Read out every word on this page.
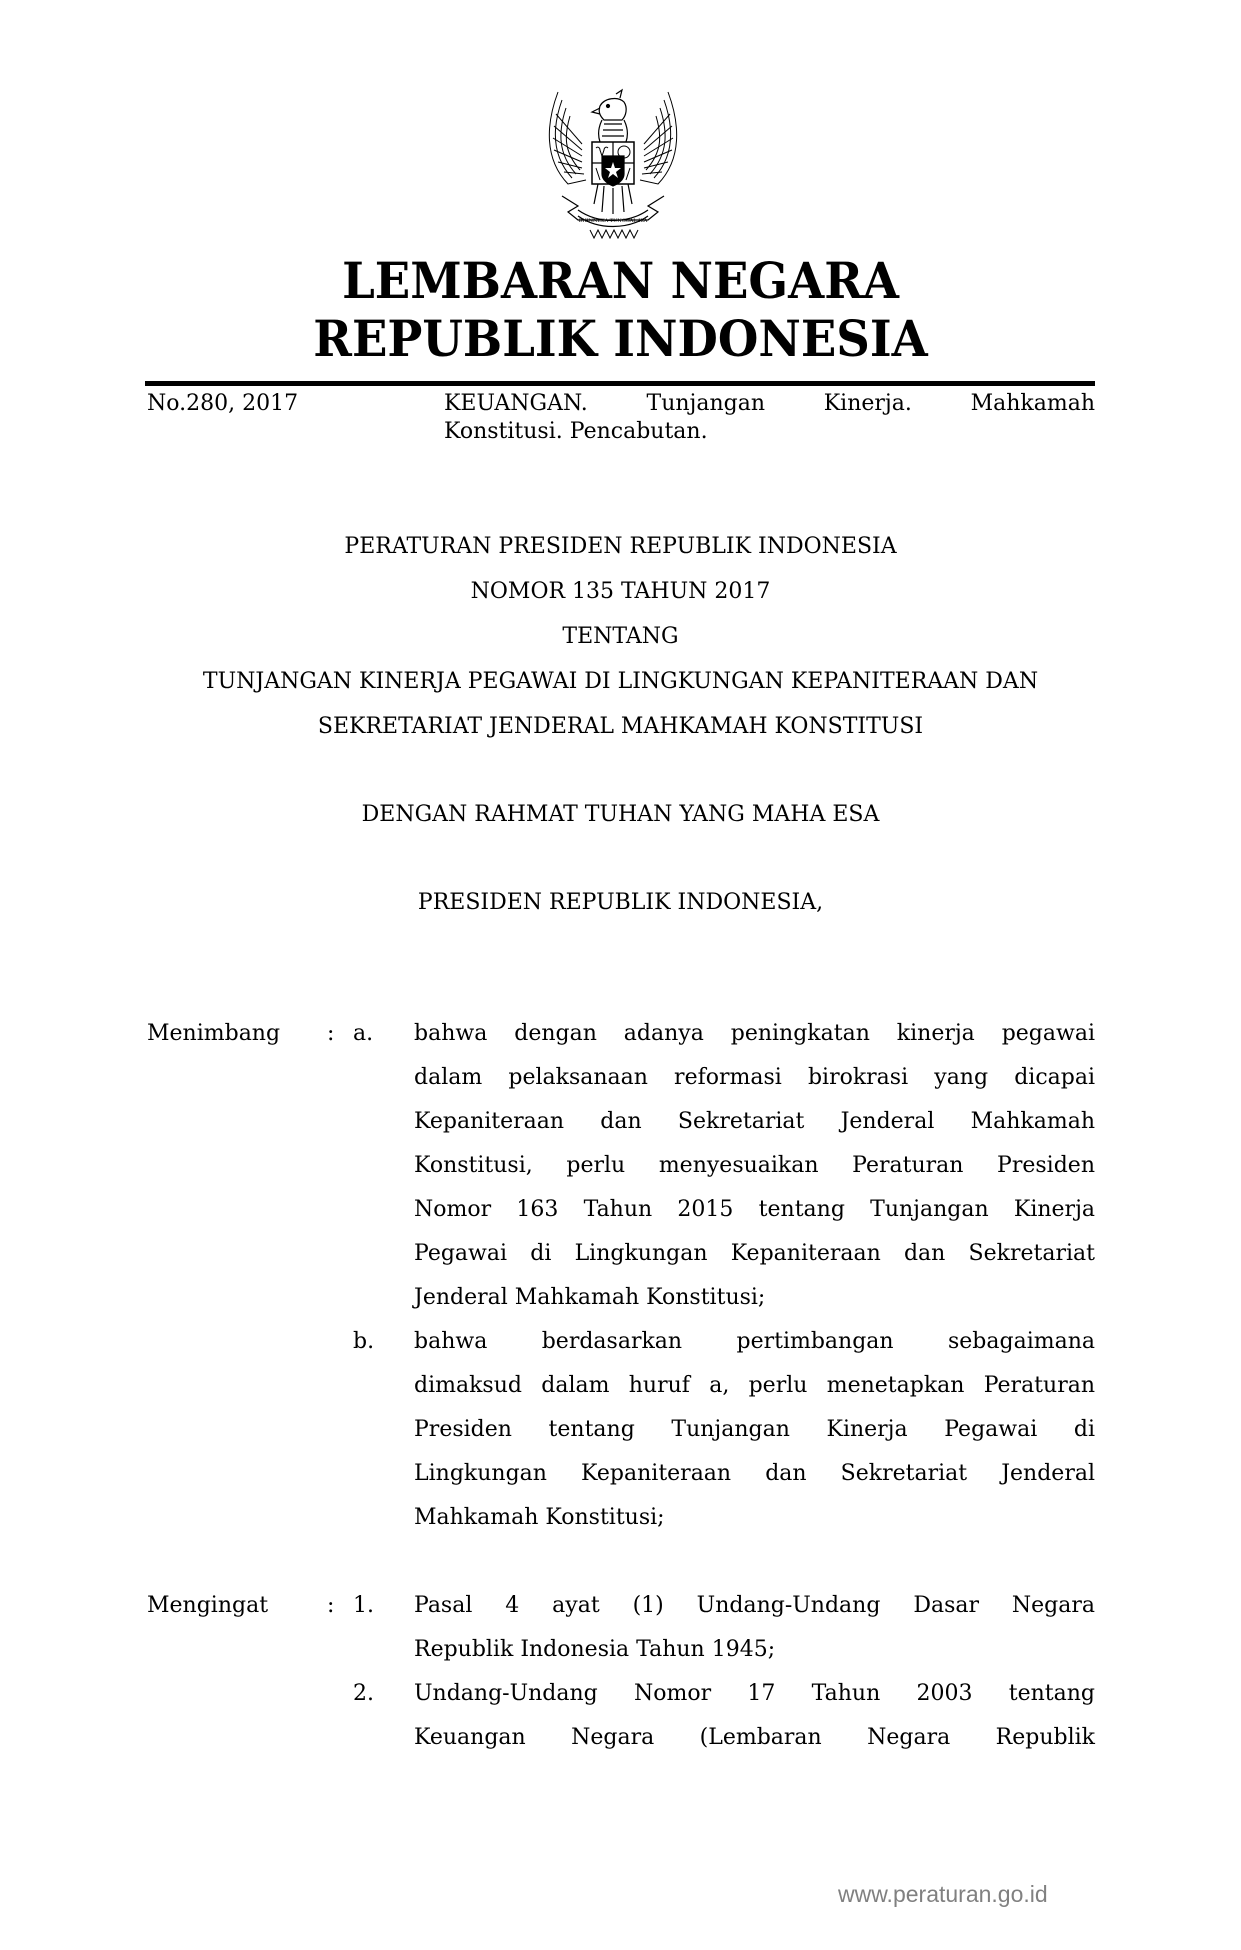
BHINNEKA TUNGGAL IKA
LEMBARAN NEGARA
REPUBLIK INDONESIA
No.280, 2017	KEUANGAN. Tunjangan Kinerja. Mahkamah
Konstitusi. Pencabutan.
PERATURAN PRESIDEN REPUBLIK INDONESIA
NOMOR 135 TAHUN 2017
TENTANG
TUNJANGAN KINERJA PEGAWAI DI LINGKUNGAN KEPANITERAAN DAN
SEKRETARIAT JENDERAL MAHKAMAH KONSTITUSI
DENGAN RAHMAT TUHAN YANG MAHA ESA
PRESIDEN REPUBLIK INDONESIA,
Menimbang : a. bahwa dengan adanya peningkatan kinerja pegawai
dalam pelaksanaan reformasi birokrasi yang dicapai
Kepaniteraan dan Sekretariat Jenderal Mahkamah
Konstitusi, perlu menyesuaikan Peraturan Presiden
Nomor 163 Tahun 2015 tentang Tunjangan Kinerja
Pegawai di Lingkungan Kepaniteraan dan Sekretariat
Jenderal Mahkamah Konstitusi;
b. bahwa berdasarkan pertimbangan sebagaimana
dimaksud dalam huruf a, perlu menetapkan Peraturan
Presiden tentang Tunjangan Kinerja Pegawai di
Lingkungan Kepaniteraan dan Sekretariat Jenderal
Mahkamah Konstitusi;
Mengingat	: 1. Pasal 4 ayat (1) Undang-Undang Dasar Negara
Republik Indonesia Tahun 1945;
2. Undang-Undang Nomor 17 Tahun 2003 tentang
Keuangan Negara (Lembaran Negara Republik
www.peraturan.go.id
